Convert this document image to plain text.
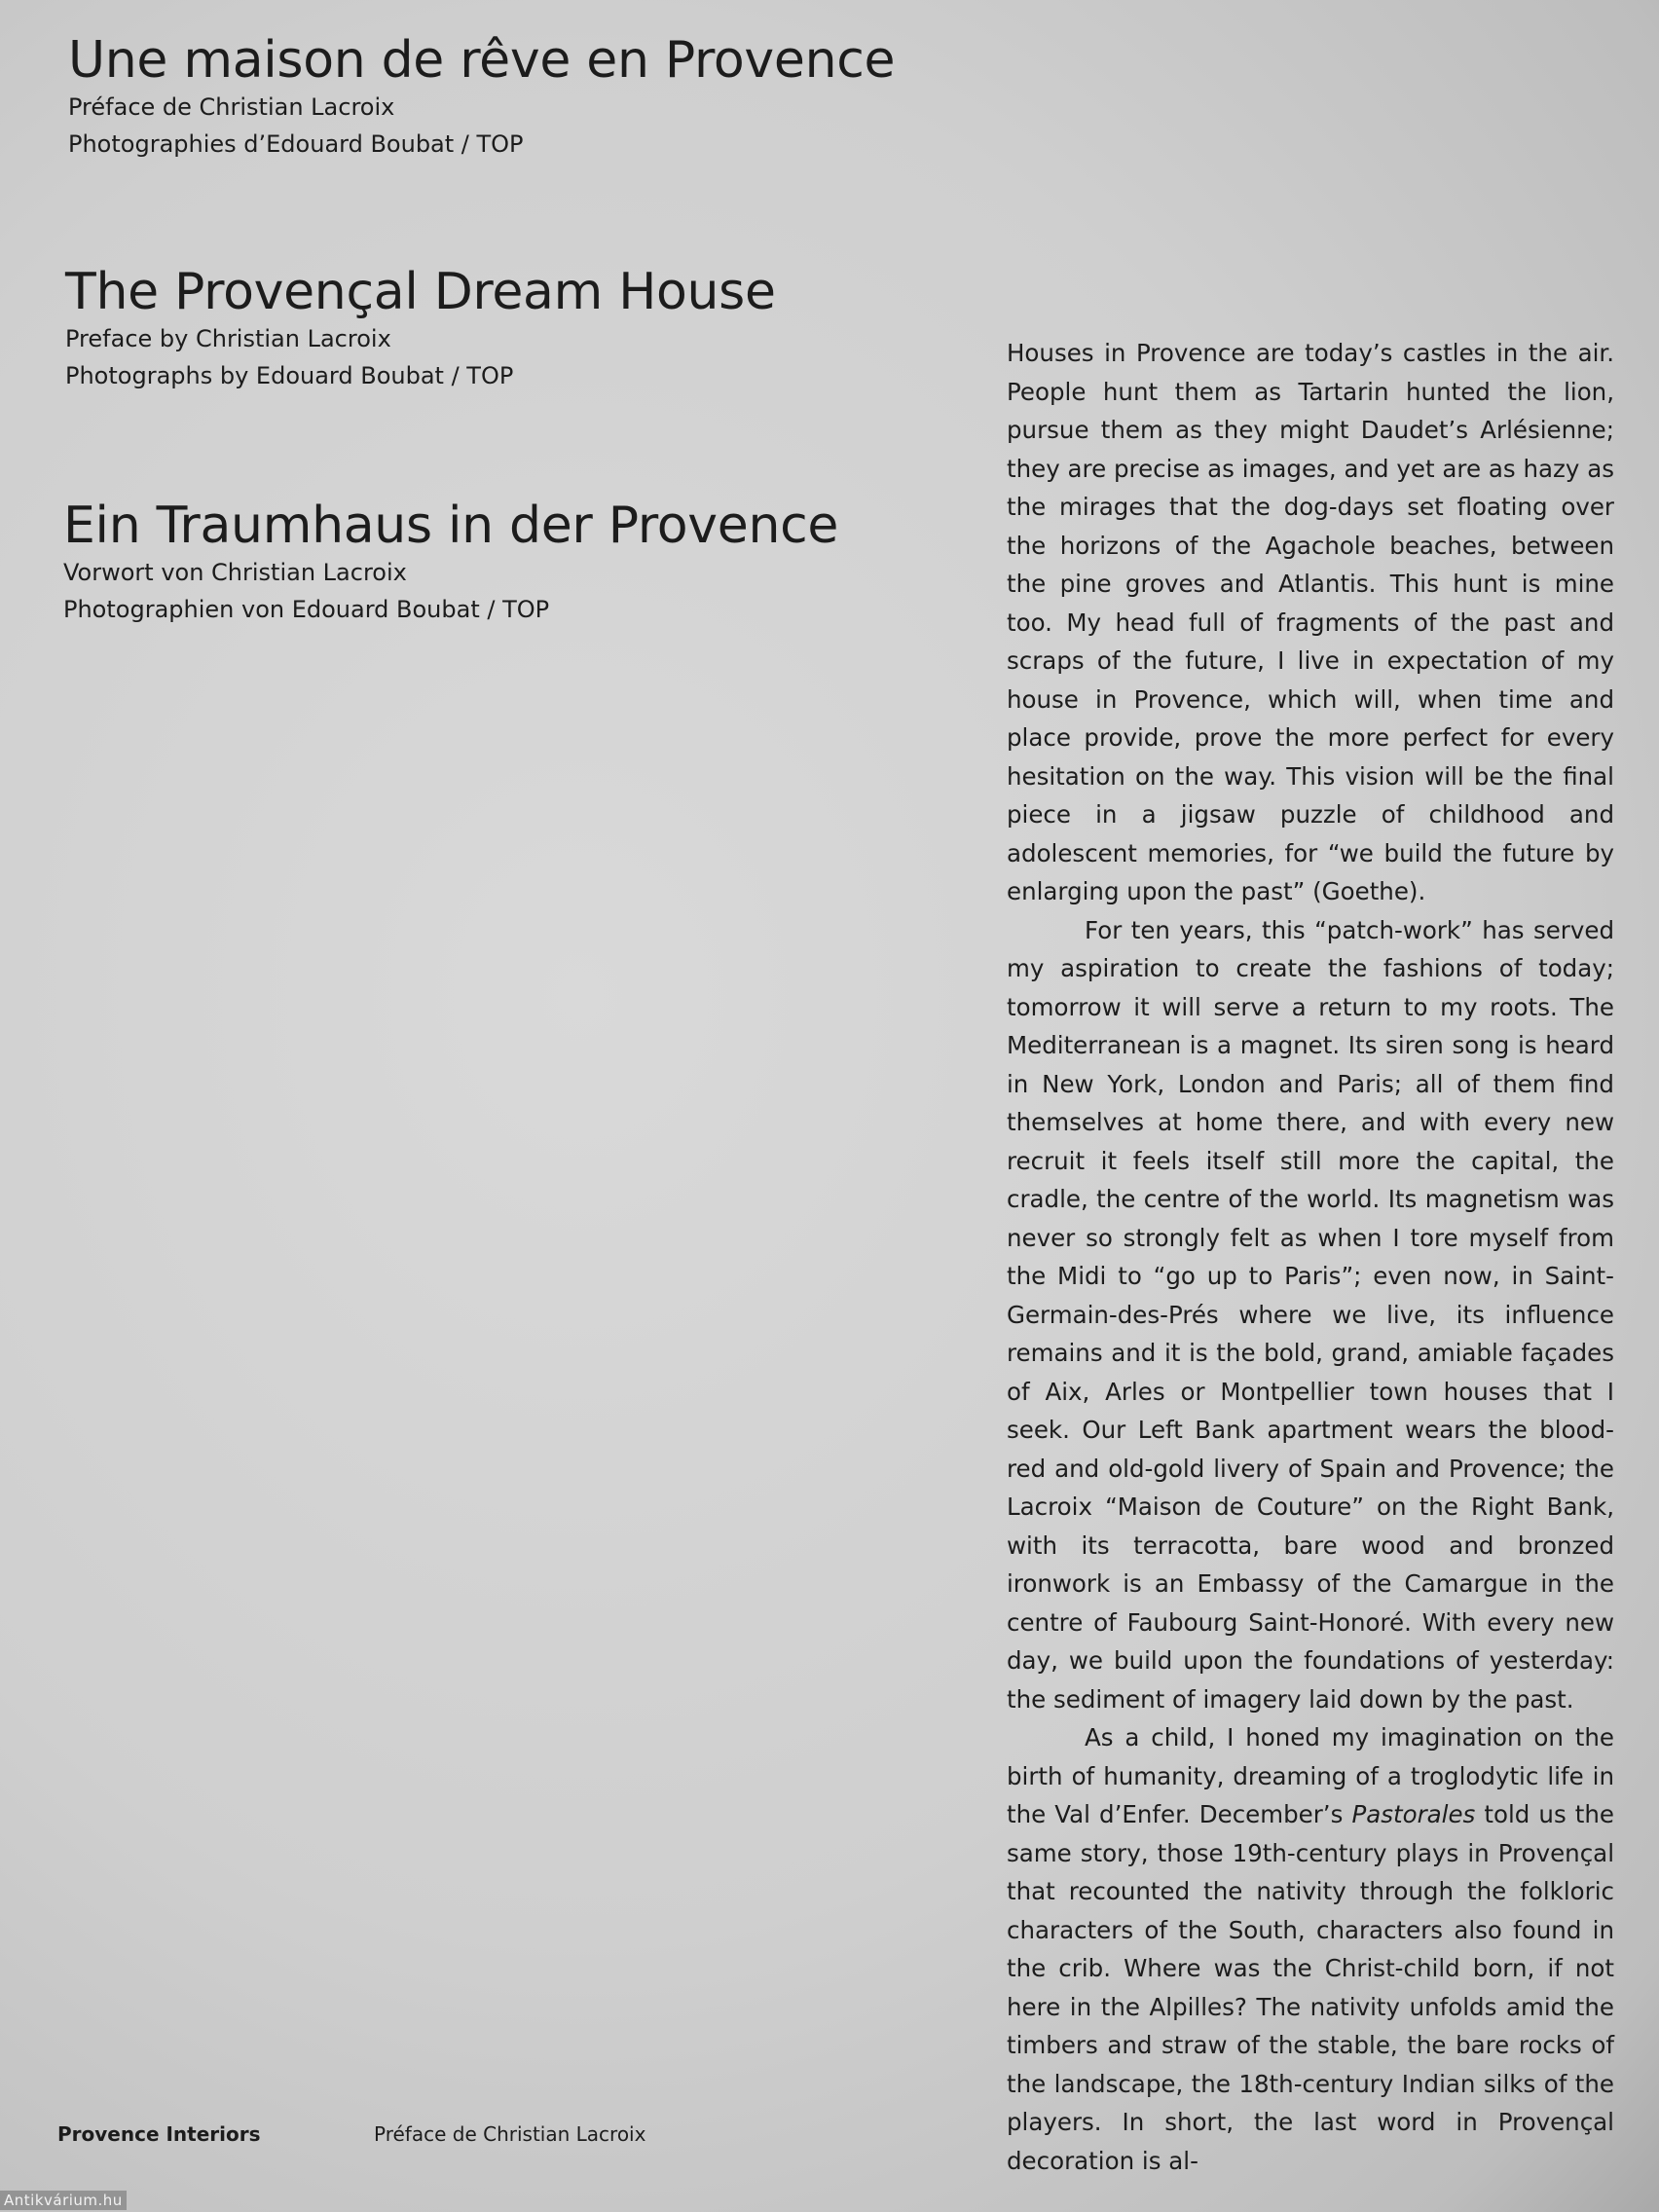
Une maison de rêve en Provence

Préface de Christian Lacroix

Photographies d’Edouard Boubat / TOP

The Provençal Dream House

Preface by Christian Lacroix

Photographs by Edouard Boubat / TOP

Ein Traumhaus in der Provence

Vorwort von Christian Lacroix

Photographien von Edouard Boubat / TOP

Houses in Provence are today’s castles in the air. People hunt them as Tartarin hunted the lion, pursue them as they might Daudet’s Arlésienne; they are precise as images, and yet are as hazy as the mirages that the dog-days set floating over the horizons of the Agachole beaches, between the pine groves and Atlantis. This hunt is mine too. My head full of fragments of the past and scraps of the future, I live in expectation of my house in Provence, which will, when time and place provide, prove the more perfect for every hesitation on the way. This vision will be the final piece in a jigsaw puzzle of childhood and adolescent memories, for “we build the future by enlarging upon the past” (Goethe).

For ten years, this “patch-work” has served my aspiration to create the fashions of today; tomorrow it will serve a return to my roots. The Mediterranean is a magnet. Its siren song is heard in New York, London and Paris; all of them find themselves at home there, and with every new recruit it feels itself still more the capital, the cradle, the centre of the world. Its magnetism was never so strongly felt as when I tore myself from the Midi to “go up to Paris”; even now, in Saint-Germain-des-Prés where we live, its influence remains and it is the bold, grand, amiable façades of Aix, Arles or Montpellier town houses that I seek. Our Left Bank apartment wears the blood-red and old-gold livery of Spain and Provence; the Lacroix “Maison de Couture” on the Right Bank, with its terracotta, bare wood and bronzed ironwork is an Embassy of the Camargue in the centre of Faubourg Saint-Honoré. With every new day, we build upon the foundations of yesterday: the sediment of imagery laid down by the past.

As a child, I honed my imagination on the birth of humanity, dreaming of a troglodytic life in the Val d’Enfer. December’s Pastorales told us the same story, those 19th-century plays in Provençal that recounted the nativity through the folkloric characters of the South, characters also found in the crib. Where was the Christ-child born, if not here in the Alpilles? The nativity unfolds amid the timbers and straw of the stable, the bare rocks of the landscape, the 18th-century Indian silks of the players. In short, the last word in Provençal decoration is al-

Provence Interiors	Préface de Christian Lacroix
Antikvárium.hu
